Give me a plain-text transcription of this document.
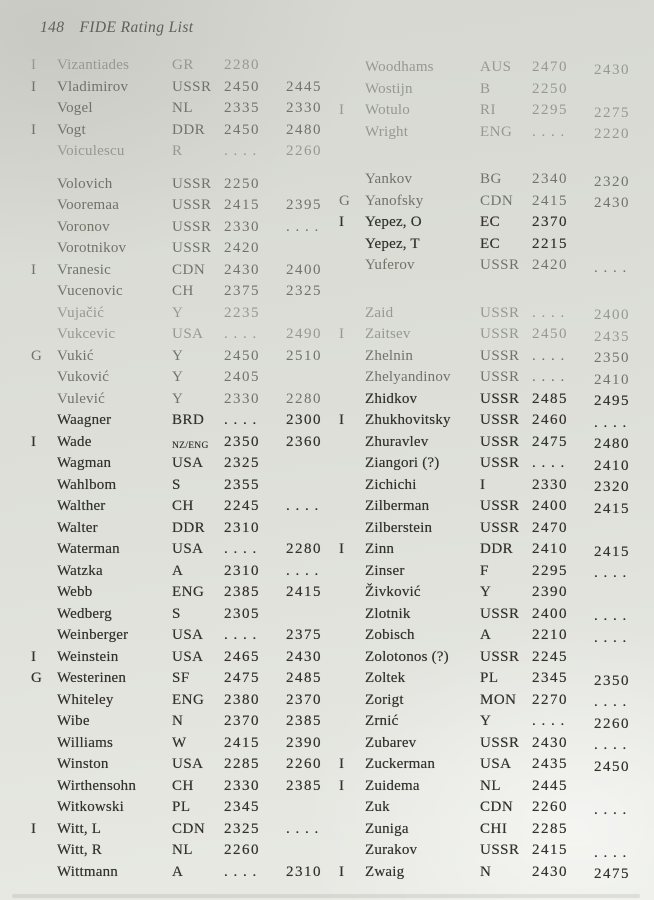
148 FIDE Rating List
I Vizantiades	GR 2280
I Vladimirov	USSR 2450 2445
Vogel	NL 2335 2330
I Vogt	DDR 2450 2480
Voiculescu	R	. . . . 2260
Volovich	USSR 2250
Vooremaa	USSR 2415 2395
Voronov	USSR 2330 . . . .
Vorotnikov	USSR 2420
I Vranesic	CDN 2430 2400
Vucenovic	CH 2375 2325
Vujačić	Y	2235
Vukcevic	USA . . . . 2490
G Vukić	Y	2450 2510
Vuković	Y	2405
Vulević	Y	2330 2280
Waagner	BRD . . . . 2300
I Wade	NZ/ENG 2350 2360
Wagman	USA 2325
Wahlbom	S	2355
Walther	CH 2245 . . . .
Walter	DDR 2310
Waterman	USA . . . . 2280
Watzka	A	2310 . . . .
Webb	ENG 2385 2415
Wedberg	S	2305
Weinberger	USA . . . . 2375
I Weinstein	USA 2465 2430
G Westerinen	SF 2475 2485
Whiteley	ENG 2380 2370
Wibe	N	2370 2385
Williams	W 2415 2390
Winston	USA 2285 2260
Wirthensohn CH 2330 2385
Witkowski	PL 2345
I Witt, L	CDN 2325 . . . .
Witt, R	NL 2260
Wittmann	A	. . . . 2310
Woodhams	AUS 2470 2430
Wostijn	B	2250
I Wotulo	RI 2295 2275
Wright	ENG . . . . 2220
Yankov	BG 2340 2320
G Yanofsky	CDN 2415 2430
I Yepez, O	EC 2370
Yepez, T	EC 2215
Yuferov	USSR 2420 . . . .
Zaid	USSR . . . . 2400
I Zaitsev	USSR 2450 2435
Zhelnin	USSR . . . . 2350
Zhelyandinov USSR . . . . 2410
Zhidkov	USSR 2485 2495
I Zhukhovitsky USSR 2460 . . . .
Zhuravlev	USSR 2475 2480
Ziangori (?)	USSR . . . . 2410
Zichichi	I	2330 2320
Zilberman	USSR 2400 2415
Zilberstein	USSR 2470
I Zinn	DDR 2410 2415
Zinser	F	2295 . . . .
Živković	Y	2390
Zlotnik	USSR 2400 . . . .
Zobisch	A	2210 . . . .
Zolotonos (?) USSR 2245
Zoltek	PL 2345 2350
Zorigt	MON 2270 . . . .
Zrnić	Y	. . . . 2260
Zubarev	USSR 2430 . . . .
I Zuckerman	USA 2435 2450
I Zuidema	NL 2445
Zuk	CDN 2260 . . . .
Zuniga	CHI 2285
Zurakov	USSR 2415 . . . .
I Zwaig	N	2430 2475
